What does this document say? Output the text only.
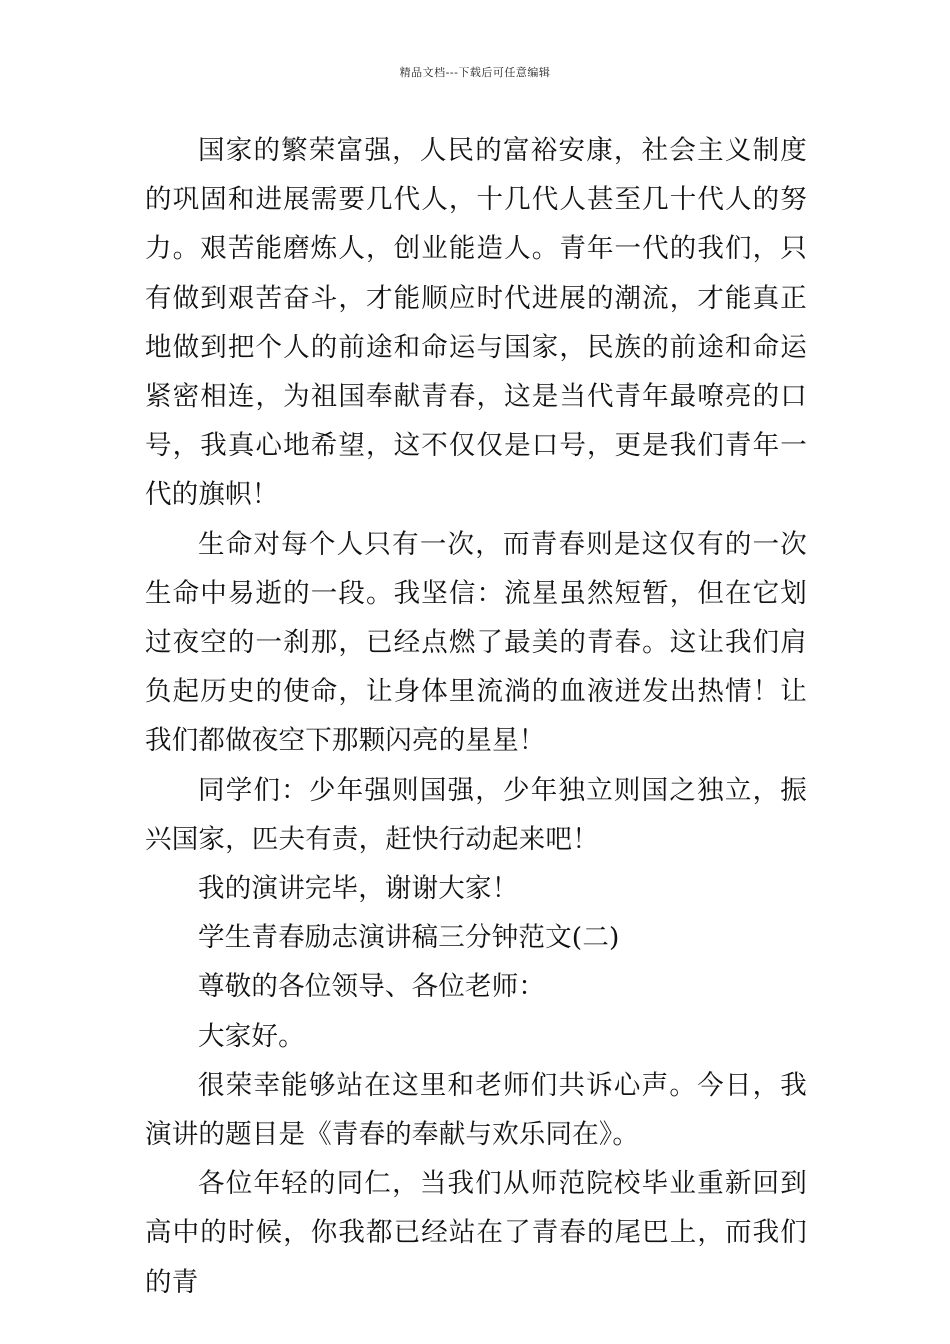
精品文档---下载后可任意编辑

国家的繁荣富强，人民的富裕安康，社会主义制度的巩固和进展需要几代人，十几代人甚至几十代人的努力。艰苦能磨炼人，创业能造人。青年一代的我们，只有做到艰苦奋斗，才能顺应时代进展的潮流，才能真正地做到把个人的前途和命运与国家，民族的前途和命运紧密相连，为祖国奉献青春，这是当代青年最嘹亮的口号，我真心地希望，这不仅仅是口号，更是我们青年一代的旗帜！

生命对每个人只有一次，而青春则是这仅有的一次生命中易逝的一段。我坚信：流星虽然短暂，但在它划过夜空的一刹那，已经点燃了最美的青春。这让我们肩负起历史的使命，让身体里流淌的血液迸发出热情！让我们都做夜空下那颗闪亮的星星！

同学们：少年强则国强，少年独立则国之独立，振兴国家，匹夫有责，赶快行动起来吧！

我的演讲完毕，谢谢大家！

学生青春励志演讲稿三分钟范文(二)

尊敬的各位领导、各位老师：

大家好。

很荣幸能够站在这里和老师们共诉心声。今日，我演讲的题目是《青春的奉献与欢乐同在》。

各位年轻的同仁，当我们从师范院校毕业重新回到高中的时候，你我都已经站在了青春的尾巴上，而我们的青
